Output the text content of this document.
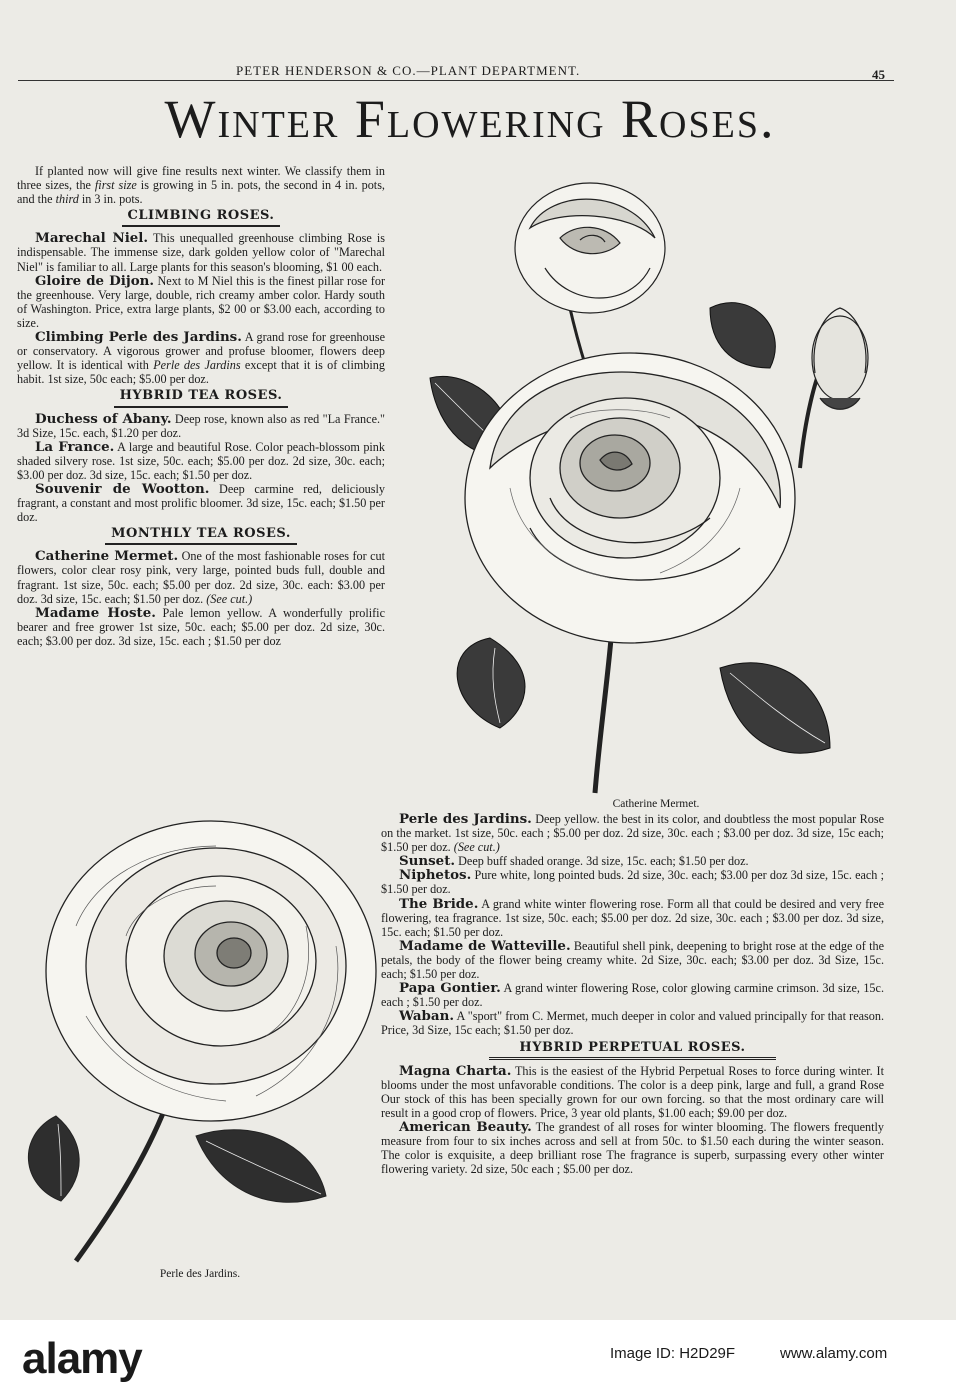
PETER HENDERSON & CO.—PLANT DEPARTMENT.	45
Winter Flowering Roses.

If planted now will give fine results next winter. We classify them in three sizes, the first size is growing in 5 in. pots, the second in 4 in. pots, and the third in 3 in. pots.

CLIMBING ROSES.

Marechal Niel. This unequalled greenhouse climbing Rose is indispensable. The immense size, dark golden yellow color of "Marechal Niel" is familiar to all. Large plants for this season's blooming, $1 00 each.

Gloire de Dijon. Next to M Niel this is the finest pillar rose for the greenhouse. Very large, double, rich creamy amber color. Hardy south of Washington. Price, extra large plants, $2 00 or $3.00 each, according to size.

Climbing Perle des Jardins. A grand rose for greenhouse or conservatory. A vigorous grower and profuse bloomer, flowers deep yellow. It is identical with Perle des Jardins except that it is of climbing habit. 1st size, 50c each; $5.00 per doz.

HYBRID TEA ROSES.

Duchess of Abany. Deep rose, known also as red "La France." 3d Size, 15c. each, $1.20 per doz.

La France. A large and beautiful Rose. Color peach-blossom pink shaded silvery rose. 1st size, 50c. each; $5.00 per doz. 2d size, 30c. each; $3.00 per doz. 3d size, 15c. each; $1.50 per doz.

Souvenir de Wootton. Deep carmine red, deliciously fragrant, a constant and most prolific bloomer. 3d size, 15c. each; $1.50 per doz.

MONTHLY TEA ROSES.

Catherine Mermet. One of the most fashionable roses for cut flowers, color clear rosy pink, very large, pointed buds full, double and fragrant. 1st size, 50c. each; $5.00 per doz. 2d size, 30c. each: $3.00 per doz. 3d size, 15c. each; $1.50 per doz. (See cut.)

Madame Hoste. Pale lemon yellow. A wonderfully prolific bearer and free grower 1st size, 50c. each; $5.00 per doz. 2d size, 30c. each; $3.00 per doz. 3d size, 15c. each ; $1.50 per doz

Catherine Mermet.
Perle des Jardins.

Perle des Jardins. Deep yellow. the best in its color, and doubtless the most popular Rose on the market. 1st size, 50c. each ; $5.00 per doz. 2d size, 30c. each ; $3.00 per doz. 3d size, 15c each; $1.50 per doz. (See cut.)

Sunset. Deep buff shaded orange. 3d size, 15c. each; $1.50 per doz.

Niphetos. Pure white, long pointed buds. 2d size, 30c. each; $3.00 per doz 3d size, 15c. each ; $1.50 per doz.

The Bride. A grand white winter flowering rose. Form all that could be desired and very free flowering, tea fragrance. 1st size, 50c. each; $5.00 per doz. 2d size, 30c. each ; $3.00 per doz. 3d size, 15c. each; $1.50 per doz.

Madame de Watteville. Beautiful shell pink, deepening to bright rose at the edge of the petals, the body of the flower being creamy white. 2d Size, 30c. each; $3.00 per doz. 3d Size, 15c. each; $1.50 per doz.

Papa Gontier. A grand winter flowering Rose, color glowing carmine crimson. 3d size, 15c. each ; $1.50 per doz.

Waban. A "sport" from C. Mermet, much deeper in color and valued principally for that reason. Price, 3d Size, 15c each; $1.50 per doz.

HYBRID PERPETUAL ROSES.

Magna Charta. This is the easiest of the Hybrid Perpetual Roses to force during winter. It blooms under the most unfavorable conditions. The color is a deep pink, large and full, a grand Rose Our stock of this has been specially grown for our own forcing. so that the most ordinary care will result in a good crop of flowers. Price, 3 year old plants, $1.00 each; $9.00 per doz.

American Beauty. The grandest of all roses for winter blooming. The flowers frequently measure from four to six inches across and sell at from 50c. to $1.50 each during the winter season. The color is exquisite, a deep brilliant rose The fragrance is superb, surpassing every other winter flowering variety. 2d size, 50c each ; $5.00 per doz.

alamy	Image ID: H2D29F	www.alamy.com
